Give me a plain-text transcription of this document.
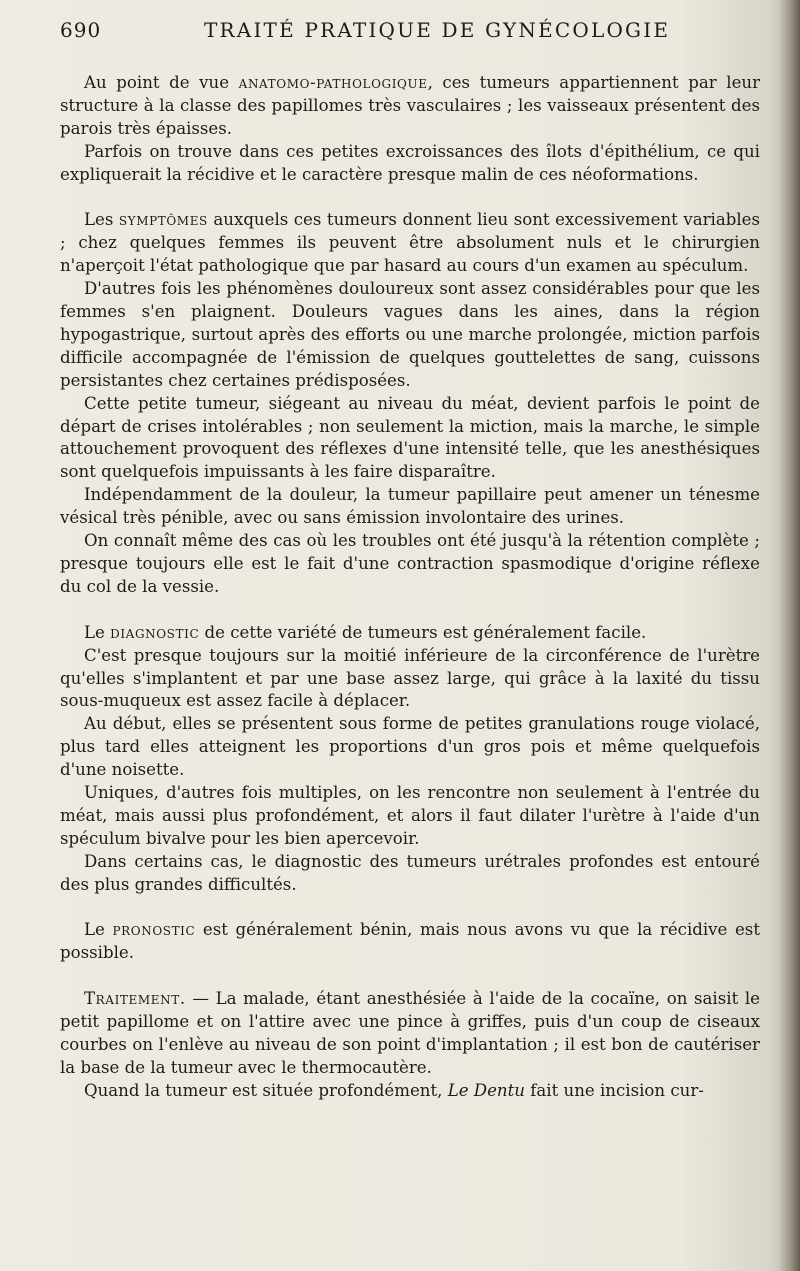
690	TRAITÉ PRATIQUE DE GYNÉCOLOGIE

Au point de vue anatomo-pathologique, ces tumeurs appartiennent par leur structure à la classe des papillomes très vasculaires ; les vaisseaux présentent des parois très épaisses.

Parfois on trouve dans ces petites excroissances des îlots d'épithélium, ce qui expliquerait la récidive et le caractère presque malin de ces néoformations.

Les symptômes auxquels ces tumeurs donnent lieu sont excessivement variables ; chez quelques femmes ils peuvent être absolument nuls et le chirurgien n'aperçoit l'état pathologique que par hasard au cours d'un examen au spéculum.

D'autres fois les phénomènes douloureux sont assez considérables pour que les femmes s'en plaignent. Douleurs vagues dans les aines, dans la région hypogastrique, surtout après des efforts ou une marche prolongée, miction parfois difficile accompagnée de l'émission de quelques gouttelettes de sang, cuissons persistantes chez certaines prédisposées.

Cette petite tumeur, siégeant au niveau du méat, devient parfois le point de départ de crises intolérables ; non seulement la miction, mais la marche, le simple attouchement provoquent des réflexes d'une intensité telle, que les anesthésiques sont quelquefois impuissants à les faire disparaître.

Indépendamment de la douleur, la tumeur papillaire peut amener un ténesme vésical très pénible, avec ou sans émission involontaire des urines.

On connaît même des cas où les troubles ont été jusqu'à la rétention complète ; presque toujours elle est le fait d'une contraction spasmodique d'origine réflexe du col de la vessie.

Le diagnostic de cette variété de tumeurs est généralement facile.

C'est presque toujours sur la moitié inférieure de la circonférence de l'urètre qu'elles s'implantent et par une base assez large, qui grâce à la laxité du tissu sous-muqueux est assez facile à déplacer.

Au début, elles se présentent sous forme de petites granulations rouge violacé, plus tard elles atteignent les proportions d'un gros pois et même quelquefois d'une noisette.

Uniques, d'autres fois multiples, on les rencontre non seulement à l'entrée du méat, mais aussi plus profondément, et alors il faut dilater l'urètre à l'aide d'un spéculum bivalve pour les bien apercevoir.

Dans certains cas, le diagnostic des tumeurs urétrales profondes est entouré des plus grandes difficultés.

Le pronostic est généralement bénin, mais nous avons vu que la récidive est possible.

Traitement. — La malade, étant anesthésiée à l'aide de la cocaïne, on saisit le petit papillome et on l'attire avec une pince à griffes, puis d'un coup de ciseaux courbes on l'enlève au niveau de son point d'implantation ; il est bon de cautériser la base de la tumeur avec le thermocautère.

Quand la tumeur est située profondément, Le Dentu fait une incision cur-
